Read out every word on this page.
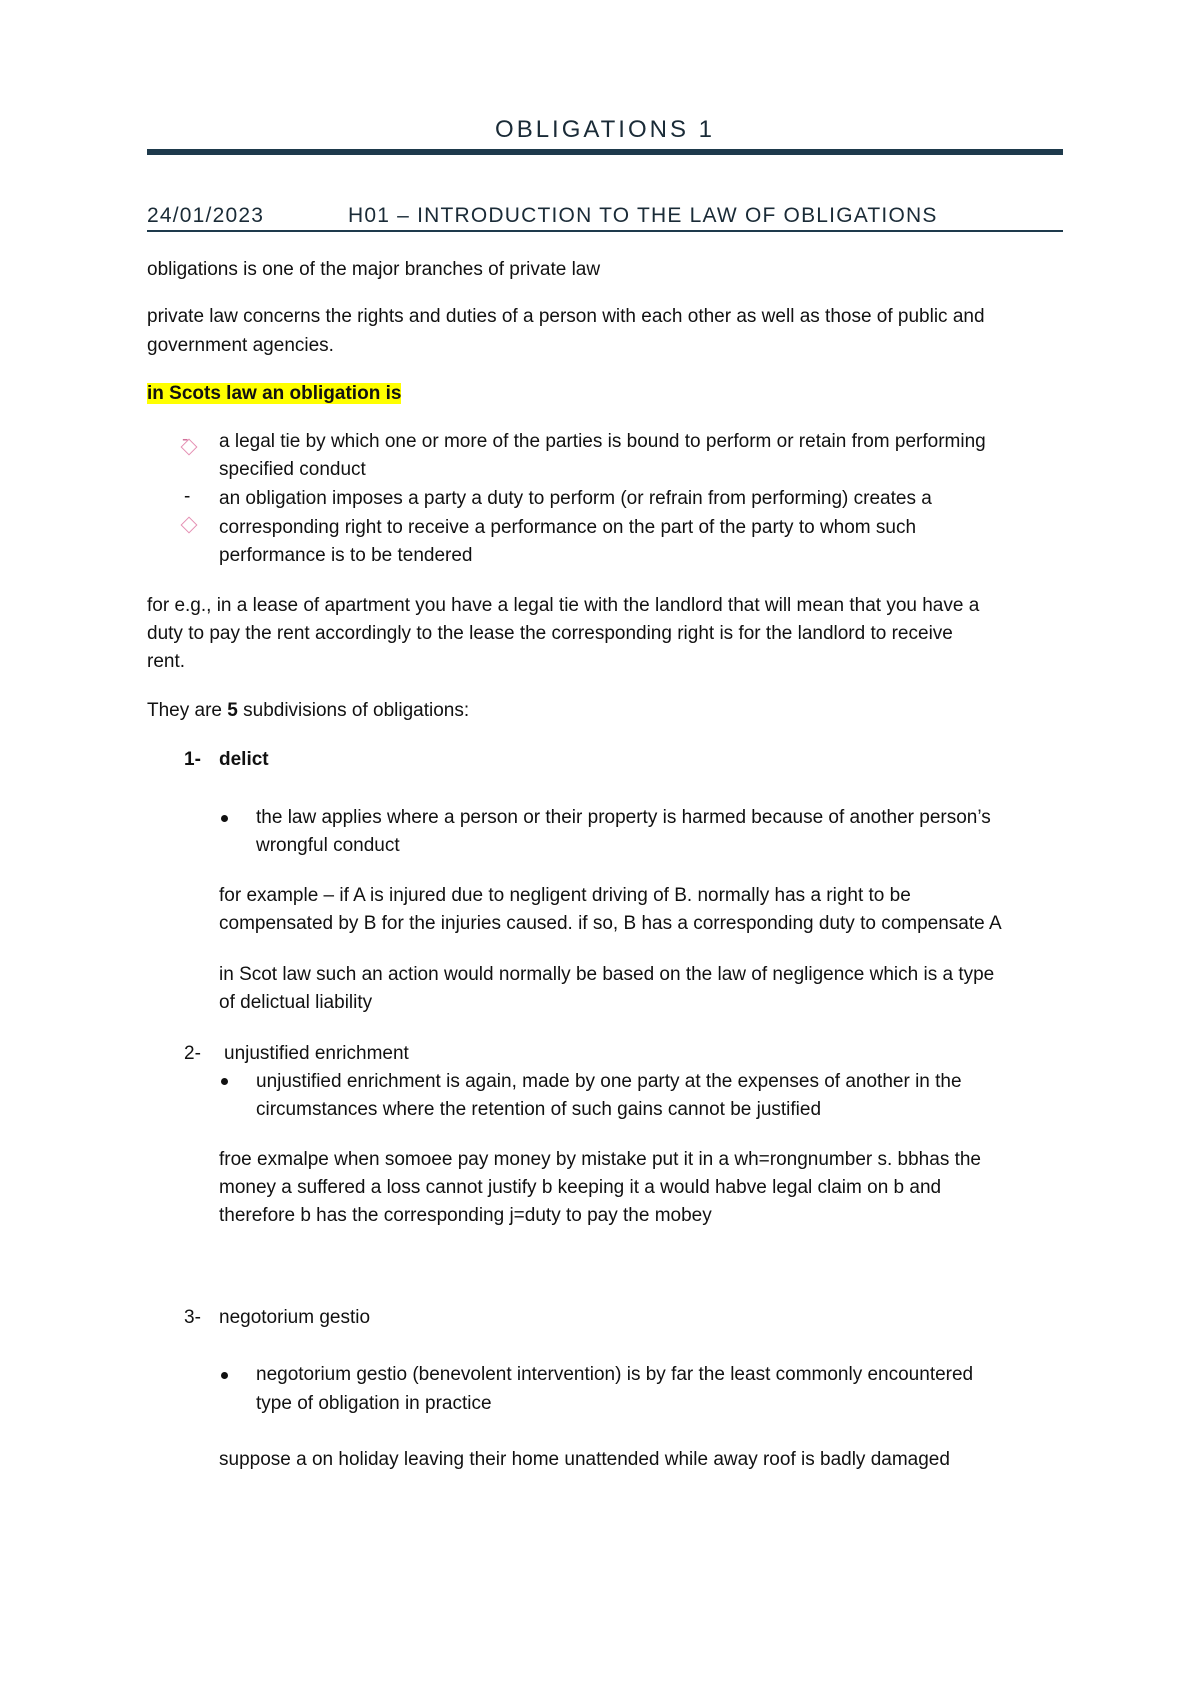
OBLIGATIONS 1

24/01/2023	H01 – INTRODUCTION TO THE LAW OF OBLIGATIONS

obligations is one of the major branches of private law

private law concerns the rights and duties of a person with each other as well as those of public and

government agencies.

in Scots law an obligation is

- a legal tie by which one or more of the parties is bound to perform or retain from performing

specified conduct

- an obligation imposes a party a duty to perform (or refrain from performing) creates a

corresponding right to receive a performance on the part of the party to whom such

performance is to be tendered

for e.g., in a lease of apartment you have a legal tie with the landlord that will mean that you have a

duty to pay the rent accordingly to the lease the corresponding right is for the landlord to receive

rent.

They are 5 subdivisions of obligations:

1- delict

the law applies where a person or their property is harmed because of another person’s

wrongful conduct

for example – if A is injured due to negligent driving of B. normally has a right to be

compensated by B for the injuries caused. if so, B has a corresponding duty to compensate A

in Scot law such an action would normally be based on the law of negligence which is a type

of delictual liability

2- unjustified enrichment

unjustified enrichment is again, made by one party at the expenses of another in the

circumstances where the retention of such gains cannot be justified

froe exmalpe when somoee pay money by mistake put it in a wh=rongnumber s. bbhas the

money a suffered a loss cannot justify b keeping it a would habve legal claim on b and

therefore b has the corresponding j=duty to pay the mobey

3- negotorium gestio

negotorium gestio (benevolent intervention) is by far the least commonly encountered

type of obligation in practice

suppose a on holiday leaving their home unattended while away roof is badly damaged
